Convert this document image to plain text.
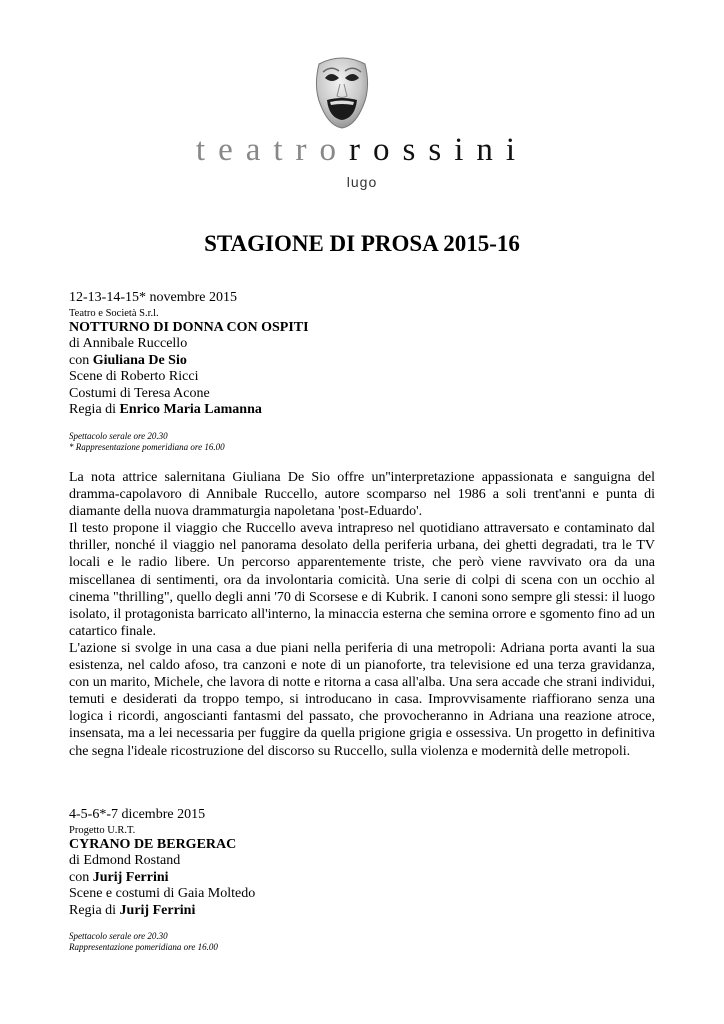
teatrorossini
lugo
STAGIONE DI PROSA 2015-16
12-13-14-15* novembre 2015
Teatro e Società S.r.l.
NOTTURNO DI DONNA CON OSPITI
di Annibale Ruccello
con Giuliana De Sio
Scene di Roberto Ricci
Costumi di Teresa Acone
Regia di Enrico Maria Lamanna
Spettacolo serale ore 20.30
* Rappresentazione pomeridiana ore 16.00

La nota attrice salernitana Giuliana De Sio offre un''interpretazione appassionata e sanguigna del dramma-capolavoro di Annibale Ruccello, autore scomparso nel 1986 a soli trent'anni e punta di diamante della nuova drammaturgia napoletana 'post-Eduardo'.

Il testo propone il viaggio che Ruccello aveva intrapreso nel quotidiano attraversato e contaminato dal thriller, nonché il viaggio nel panorama desolato della periferia urbana, dei ghetti degradati, tra le TV locali e le radio libere. Un percorso apparentemente triste, che però viene ravvivato ora da una miscellanea di sentimenti, ora da involontaria comicità. Una serie di colpi di scena con un occhio al cinema "thrilling", quello degli anni '70 di Scorsese e di Kubrik. I canoni sono sempre gli stessi: il luogo isolato, il protagonista barricato all'interno, la minaccia esterna che semina orrore e sgomento fino ad un catartico finale.

L'azione si svolge in una casa a due piani nella periferia di una metropoli: Adriana porta avanti la sua esistenza, nel caldo afoso, tra canzoni e note di un pianoforte, tra televisione ed una terza gravidanza, con un marito, Michele, che lavora di notte e ritorna a casa all'alba. Una sera accade che strani individui, temuti e desiderati da troppo tempo, si introducano in casa. Improvvisamente riaffiorano senza una logica i ricordi, angoscianti fantasmi del passato, che provocheranno in Adriana una reazione atroce, insensata, ma a lei necessaria per fuggire da quella prigione grigia e ossessiva. Un progetto in definitiva che segna l'ideale ricostruzione del discorso su Ruccello, sulla violenza e modernità delle metropoli.

4-5-6*-7 dicembre 2015
Progetto U.R.T.
CYRANO DE BERGERAC
di Edmond Rostand
con Jurij Ferrini
Scene e costumi di Gaia Moltedo
Regia di Jurij Ferrini
Spettacolo serale ore 20.30
Rappresentazione pomeridiana ore 16.00
